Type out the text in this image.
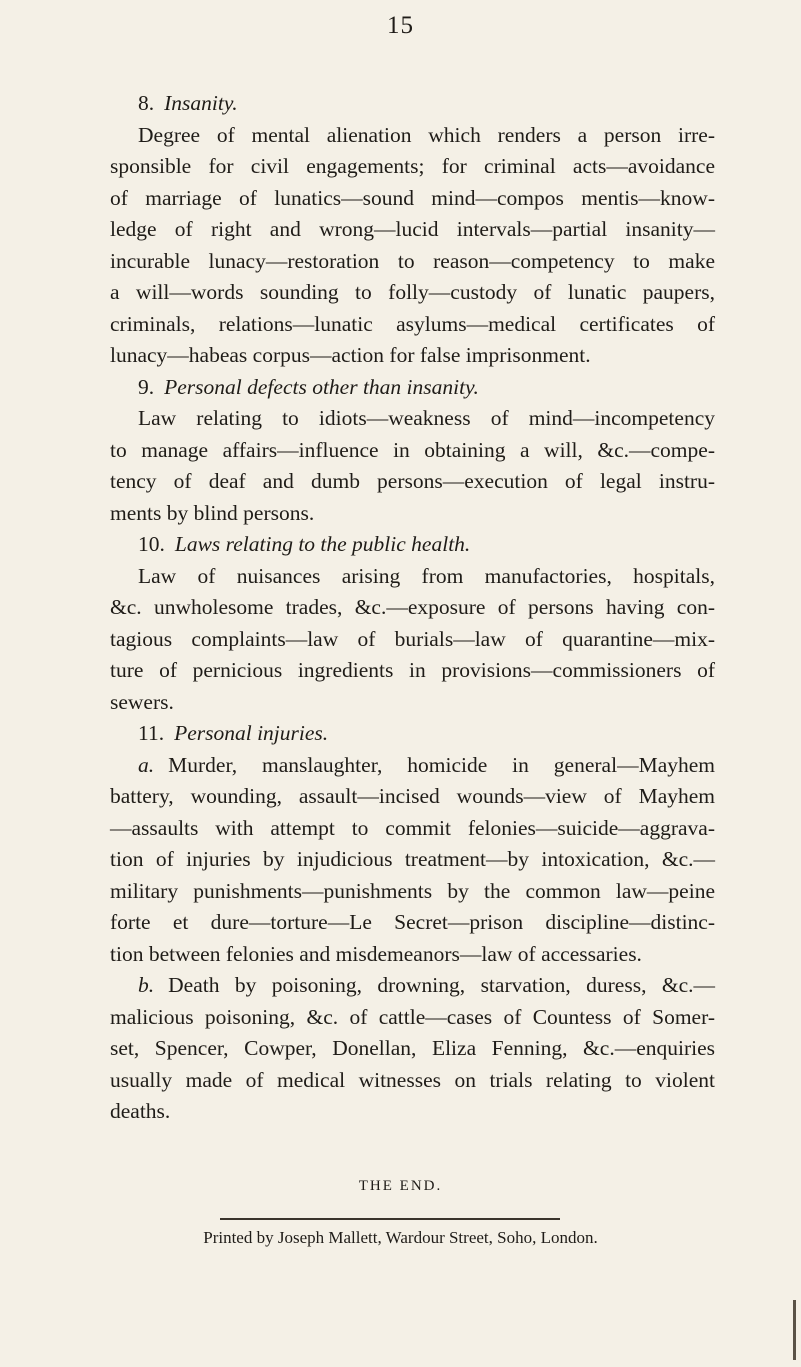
15
8. Insanity.
Degree of mental alienation which renders a person irre-
sponsible for civil engagements; for criminal acts—avoidance
of marriage of lunatics—sound mind—compos mentis—know-
ledge of right and wrong—lucid intervals—partial insanity—
incurable lunacy—restoration to reason—competency to make
a will—words sounding to folly—custody of lunatic paupers,
criminals, relations—lunatic asylums—medical certificates of
lunacy—habeas corpus—action for false imprisonment.
9. Personal defects other than insanity.
Law relating to idiots—weakness of mind—incompetency
to manage affairs—influence in obtaining a will, &c.—compe-
tency of deaf and dumb persons—execution of legal instru-
ments by blind persons.
10. Laws relating to the public health.
Law of nuisances arising from manufactories, hospitals,
&c. unwholesome trades, &c.—exposure of persons having con-
tagious complaints—law of burials—law of quarantine—mix-
ture of pernicious ingredients in provisions—commissioners of
sewers.
11. Personal injuries.
a. Murder, manslaughter, homicide in general—Mayhem
battery, wounding, assault—incised wounds—view of Mayhem
—assaults with attempt to commit felonies—suicide—aggrava-
tion of injuries by injudicious treatment—by intoxication, &c.—
military punishments—punishments by the common law—peine
forte et dure—torture—Le Secret—prison discipline—distinc-
tion between felonies and misdemeanors—law of accessaries.
b. Death by poisoning, drowning, starvation, duress, &c.—
malicious poisoning, &c. of cattle—cases of Countess of Somer-
set, Spencer, Cowper, Donellan, Eliza Fenning, &c.—enquiries
usually made of medical witnesses on trials relating to violent
deaths.
THE END.
Printed by Joseph Mallett, Wardour Street, Soho, London.
